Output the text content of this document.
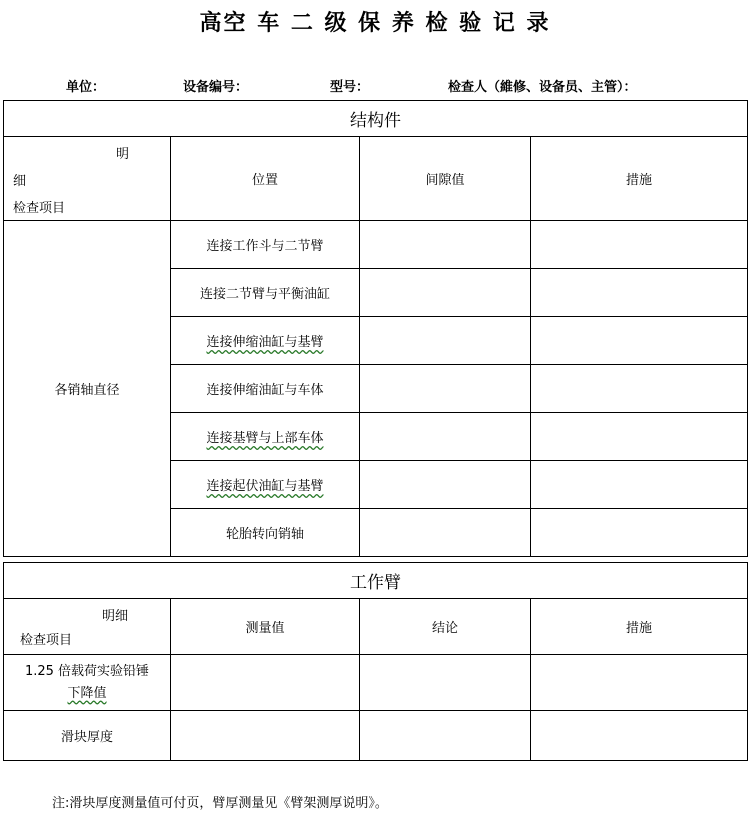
高空 车 二 级 保 养 检 验 记 录
单位：	设备编号：	型号：	检查人（維修、设备员、主管）：
结构件			

明
细
检查项目	位置	间隙值	措施
各销轴直径	连接工作斗与二节臂		
	连接二节臂与平衡油缸		
	连接伸缩油缸与基臂		
	连接伸缩油缸与车体		
	连接基臂与上部车体		
	连接起伏油缸与基臂		
	轮胎转向销轴		
工作臂			

明细
检查项目	测量值	结论	措施

1.25 倍载荷实验铅锤
下降值			

滑块厚度			
注:滑块厚度测量值可付页，臂厚测量见《臂架测厚说明》。
